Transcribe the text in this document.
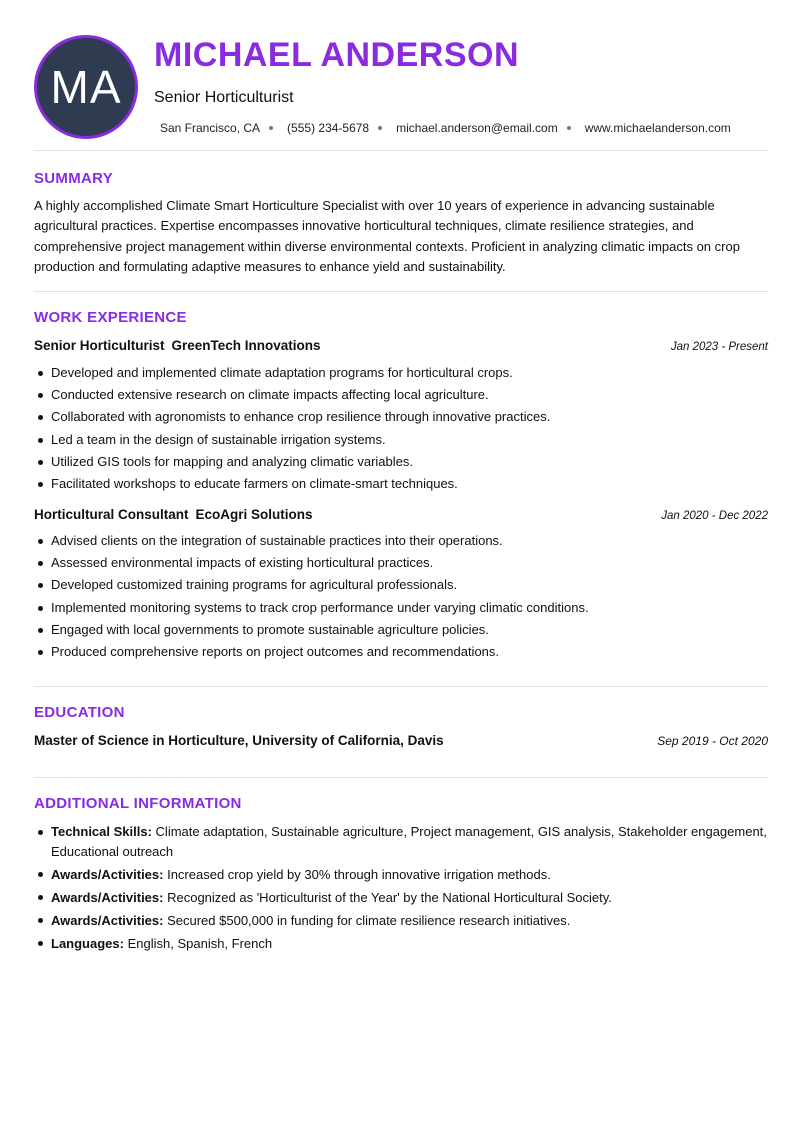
MA
MICHAEL ANDERSON

Senior Horticulturist

San Francisco, CA (555) 234-5678 michael.anderson@email.com www.michaelanderson.com
SUMMARY

A highly accomplished Climate Smart Horticulture Specialist with over 10 years of experience in advancing sustainable agricultural practices. Expertise encompasses innovative horticultural techniques, climate resilience strategies, and comprehensive project management within diverse environmental contexts. Proficient in analyzing climatic impacts on crop production and formulating adaptive measures to enhance yield and sustainability.

WORK EXPERIENCE
Senior Horticulturist GreenTech Innovations	Jan 2023 - Present
Developed and implemented climate adaptation programs for horticultural crops.
Conducted extensive research on climate impacts affecting local agriculture.
Collaborated with agronomists to enhance crop resilience through innovative practices.
Led a team in the design of sustainable irrigation systems.
Utilized GIS tools for mapping and analyzing climatic variables.
Facilitated workshops to educate farmers on climate-smart techniques.
Horticultural Consultant EcoAgri Solutions	Jan 2020 - Dec 2022
Advised clients on the integration of sustainable practices into their operations.
Assessed environmental impacts of existing horticultural practices.
Developed customized training programs for agricultural professionals.
Implemented monitoring systems to track crop performance under varying climatic conditions.
Engaged with local governments to promote sustainable agriculture policies.
Produced comprehensive reports on project outcomes and recommendations.
EDUCATION
Master of Science in Horticulture, University of California, Davis	Sep 2019 - Oct 2020
ADDITIONAL INFORMATION
Technical Skills: Climate adaptation, Sustainable agriculture, Project management, GIS analysis, Stakeholder engagement, Educational outreach
Awards/Activities: Increased crop yield by 30% through innovative irrigation methods.
Awards/Activities: Recognized as 'Horticulturist of the Year' by the National Horticultural Society.
Awards/Activities: Secured $500,000 in funding for climate resilience research initiatives.
Languages: English, Spanish, French
